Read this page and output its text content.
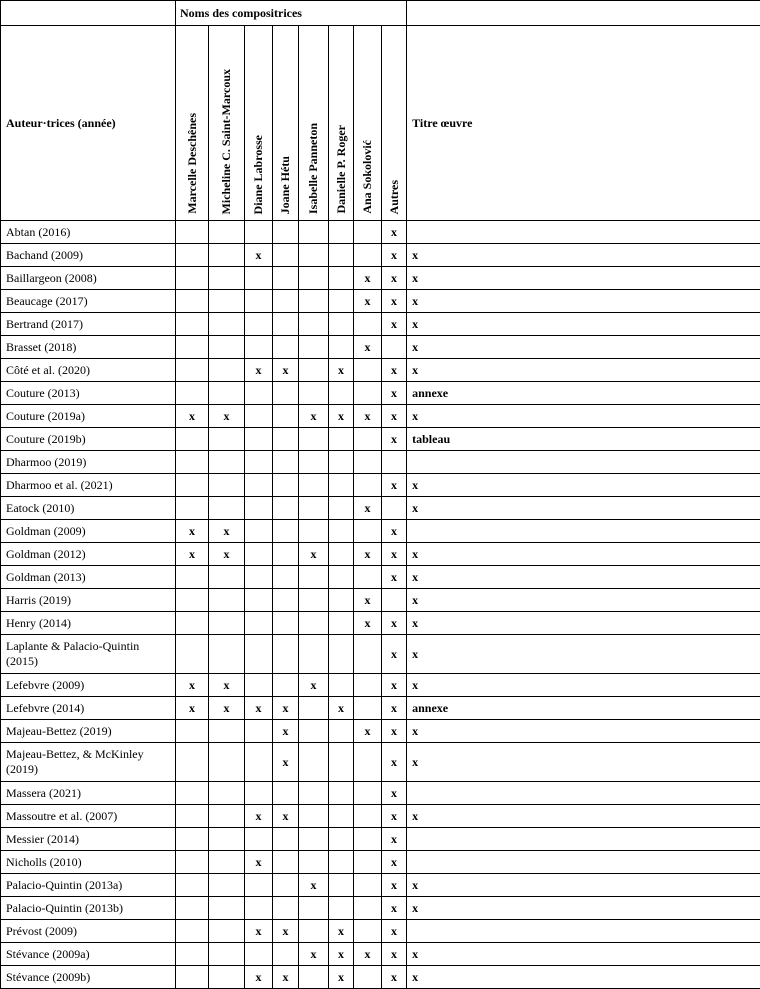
	Noms des compositrices								
Auteur·trices (année)	Marcelle Deschênes	Micheline C. Saint-Marcoux	Diane Labrosse	Joane Hétu	Isabelle Panneton	Danielle P. Roger	Ana Sokolović	Autres	Titre œuvre
Abtan (2016)								x	
Bachand (2009)			x					x	x
Baillargeon (2008)							x	x	x
Beaucage (2017)							x	x	x
Bertrand (2017)								x	x
Brasset (2018)							x		x
Côté et al. (2020)			x	x		x		x	x
Couture (2013)								x	annexe
Couture (2019a)	x	x			x	x	x	x	x
Couture (2019b)								x	tableau
Dharmoo (2019)									
Dharmoo et al. (2021)								x	x
Eatock (2010)							x		x
Goldman (2009)	x	x						x	
Goldman (2012)	x	x			x		x	x	x
Goldman (2013)								x	x
Harris (2019)							x		x
Henry (2014)							x	x	x
Laplante & Palacio-Quintin (2015)								x	x
Lefebvre (2009)	x	x			x			x	x
Lefebvre (2014)	x	x	x	x		x		x	annexe
Majeau-Bettez (2019)				x			x	x	x
Majeau-Bettez, & McKinley (2019)				x				x	x
Massera (2021)								x	
Massoutre et al. (2007)			x	x				x	x
Messier (2014)								x	
Nicholls (2010)			x					x	
Palacio-Quintin (2013a)					x			x	x
Palacio-Quintin (2013b)								x	x
Prévost (2009)			x	x		x		x	
Stévance (2009a)					x	x	x	x	x
Stévance (2009b)			x	x		x		x	x
